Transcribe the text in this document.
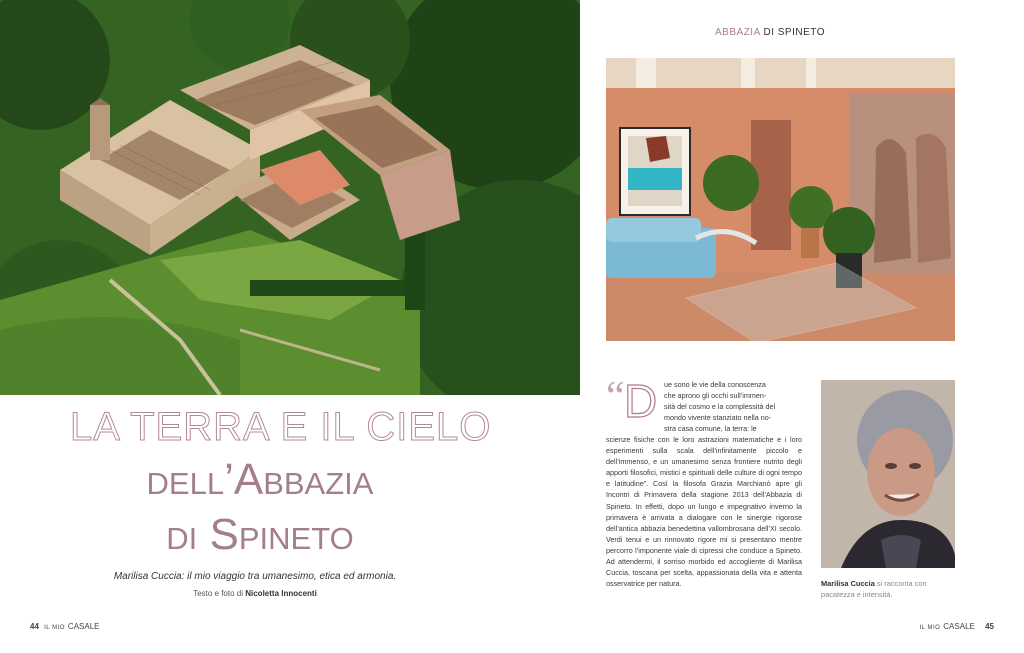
LA TERRA E IL CIELO
dell’Abbazia
di Spineto
Marilisa Cuccia: il mio viaggio tra umanesimo, etica ed armonia.
Testo e foto di Nicoletta Innocenti
44 IL MIO CASALE
ABBAZIA DI SPINETO
“ D ue sono le vie della conoscenza
che aprono gli occhi sull’immen-
sità del cosmo e la complessità del
mondo vivente stanziato nella no-
stra casa comune, la terra: le

scienze fisiche con le loro astrazioni matematiche e i loro esperimenti sulla scala dell’infinitamente piccolo e dell’immenso, e un umanesimo senza frontiere nutrito degli apporti filosofici, mistici e spirituali delle culture di ogni tempo e latitudine”. Così la filosofa Grazia Marchianò apre gli Incontri di Primavera della stagione 2013 dell’Abbazia di Spineto. In effetti, dopo un lungo e impegnativo inverno la primavera è arrivata a dialogare con le sinergie rigorose dell’antica abbazia benedettina vallombrosana dell’XI secolo. Verdi tenui e un rinnovato rigore mi si presentano mentre percorro l’imponente viale di cipressi che conduce a Spineto. Ad attendermi, il sorriso morbido ed accogliente di Marilisa Cuccia, toscana per scelta, appassionata della vita e attenta osservatrice per natura.	Marilisa Cuccia si racconta con pacatezza e intensità.
IL MIO CASALE 45
